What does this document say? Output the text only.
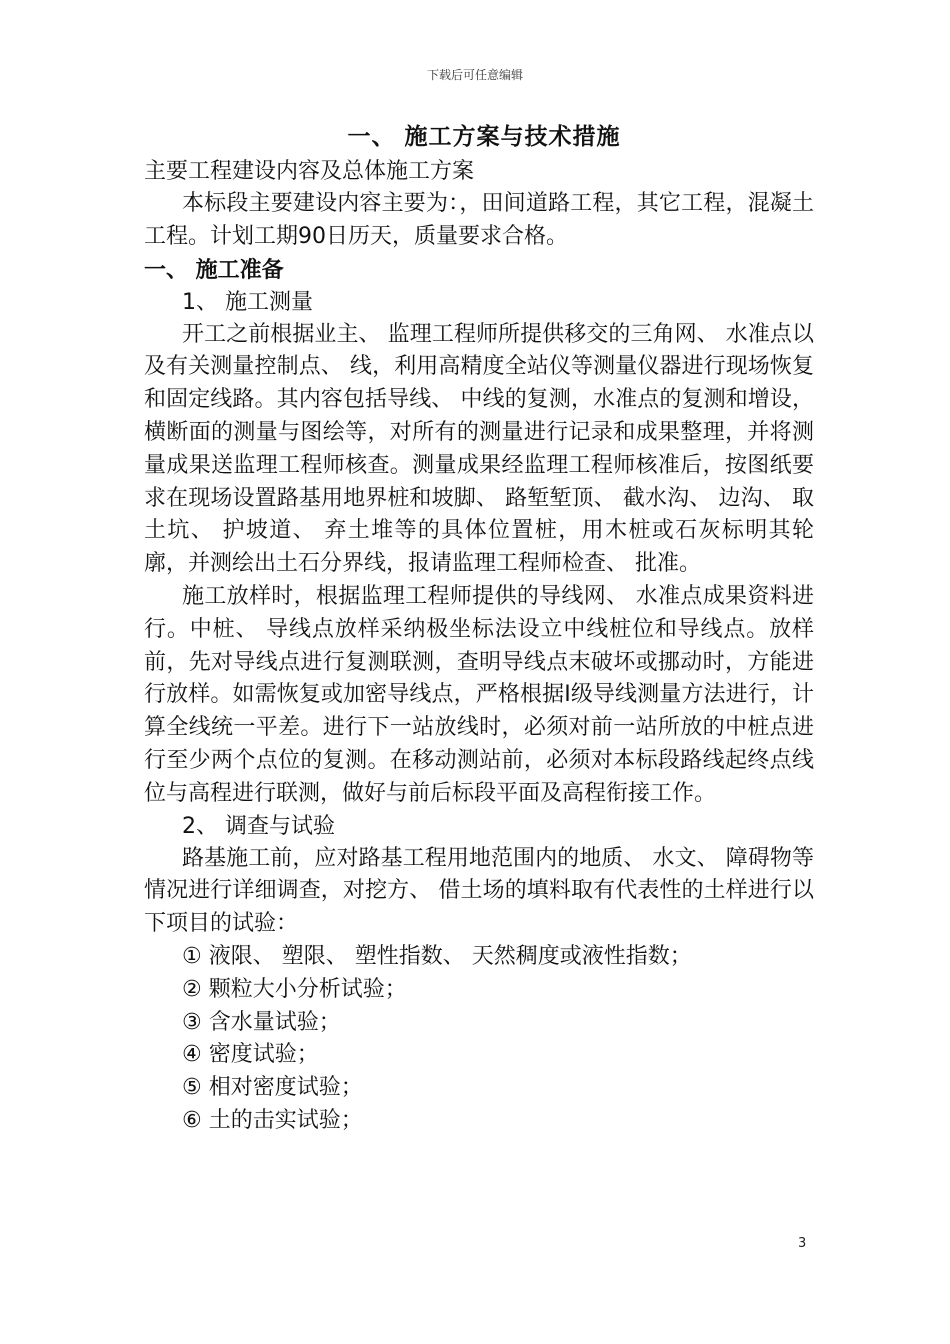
下载后可任意编辑
一、 施工方案与技术措施

主要工程建设内容及总体施工方案

本标段主要建设内容主要为：，田间道路工程，其它工程，混凝土工程。计划工期90日历天，质量要求合格。

一、 施工准备

1、 施工测量

开工之前根据业主、 监理工程师所提供移交的三角网、 水准点以及有关测量控制点、 线，利用高精度全站仪等测量仪器进行现场恢复和固定线路。其内容包括导线、 中线的复测，水准点的复测和增设，横断面的测量与图绘等，对所有的测量进行记录和成果整理，并将测量成果送监理工程师核查。测量成果经监理工程师核准后，按图纸要求在现场设置路基用地界桩和坡脚、 路堑堑顶、 截水沟、 边沟、 取土坑、 护坡道、 弃土堆等的具体位置桩，用木桩或石灰标明其轮廓，并测绘出土石分界线，报请监理工程师检查、 批准。

施工放样时，根据监理工程师提供的导线网、 水准点成果资料进行。中桩、 导线点放样采纳极坐标法设立中线桩位和导线点。放样前，先对导线点进行复测联测，查明导线点末破坏或挪动时，方能进行放样。如需恢复或加密导线点，严格根据Ⅰ级导线测量方法进行，计算全线统一平差。进行下一站放线时，必须对前一站所放的中桩点进行至少两个点位的复测。在移动测站前，必须对本标段路线起终点线位与高程进行联测，做好与前后标段平面及高程衔接工作。

2、 调查与试验

路基施工前，应对路基工程用地范围内的地质、 水文、 障碍物等情况进行详细调查，对挖方、 借土场的填料取有代表性的土样进行以下项目的试验：

① 液限、 塑限、 塑性指数、 天然稠度或液性指数；
② 颗粒大小分析试验；
③ 含水量试验；
④ 密度试验；
⑤ 相对密度试验；
⑥ 土的击实试验；
3
